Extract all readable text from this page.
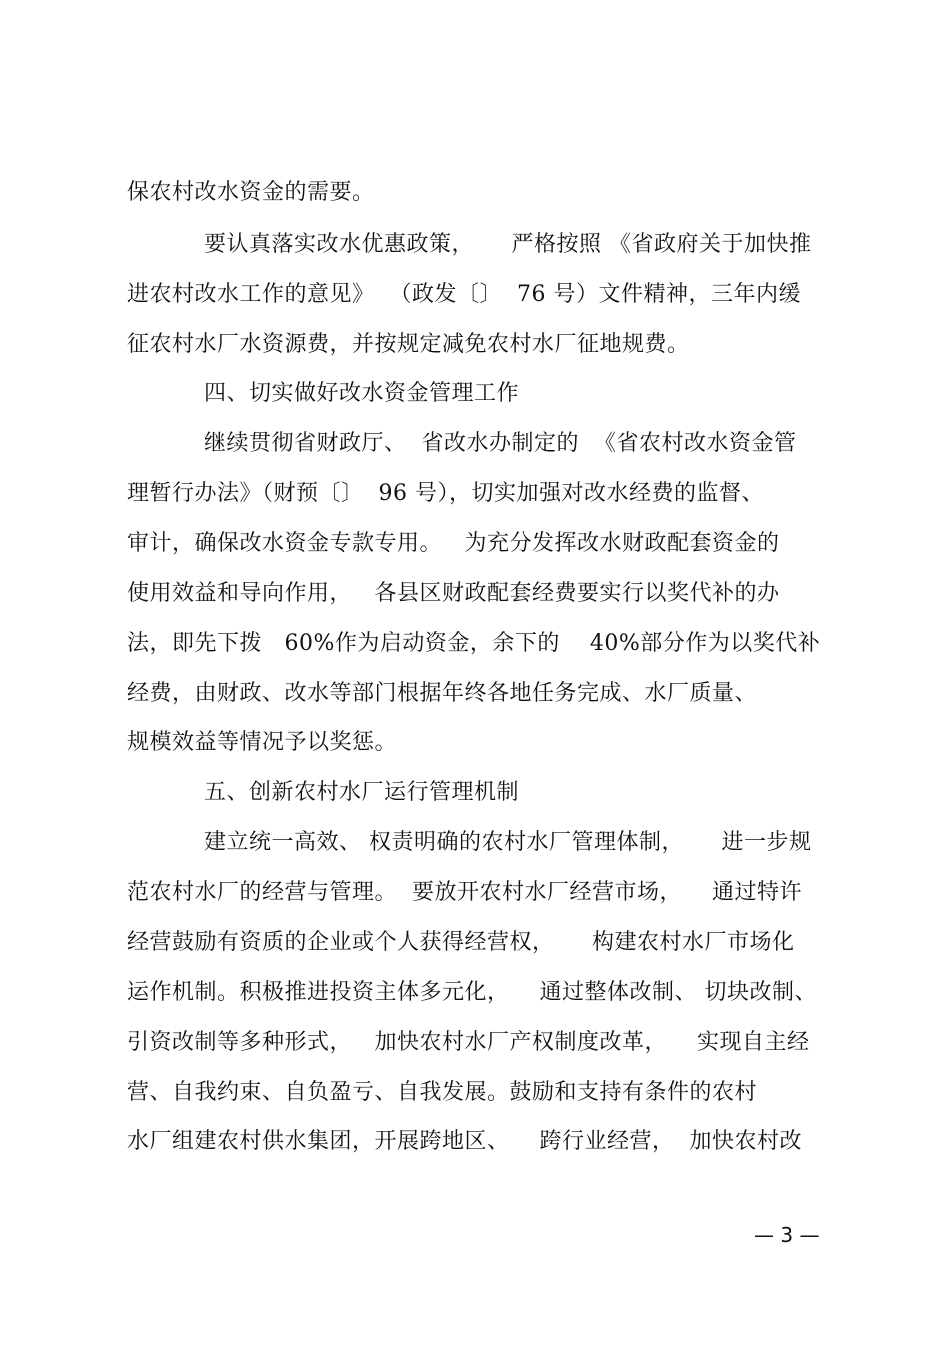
保农村改水资金的需要。
要认真落实改水优惠政策，     严格按照 《省政府关于加快推
进农村改水工作的意见》  （政发〔〕  76 号）文件精神，三年内缓
征农村水厂水资源费，并按规定减免农村水厂征地规费。
四、切实做好改水资金管理工作
继续贯彻省财政厅、  省改水办制定的  《省农村改水资金管
理暂行办法》（财预〔〕  96 号），切实加强对改水经费的监督、
审计，确保改水资金专款专用。   为充分发挥改水财政配套资金的
使用效益和导向作用，   各县区财政配套经费要实行以奖代补的办
法，即先下拨   60%作为启动资金，余下的    40%部分作为以奖代补
经费，由财政、改水等部门根据年终各地任务完成、水厂质量、
规模效益等情况予以奖惩。
五、创新农村水厂运行管理机制
建立统一高效、 权责明确的农村水厂管理体制，     进一步规
范农村水厂的经营与管理。  要放开农村水厂经营市场，    通过特许
经营鼓励有资质的企业或个人获得经营权，     构建农村水厂市场化
运作机制。积极推进投资主体多元化，    通过整体改制、 切块改制、
引资改制等多种形式，   加快农村水厂产权制度改革，    实现自主经
营、自我约束、自负盈亏、自我发展。鼓励和支持有条件的农村
水厂组建农村供水集团，开展跨地区、    跨行业经营，  加快农村改
— 3 —
